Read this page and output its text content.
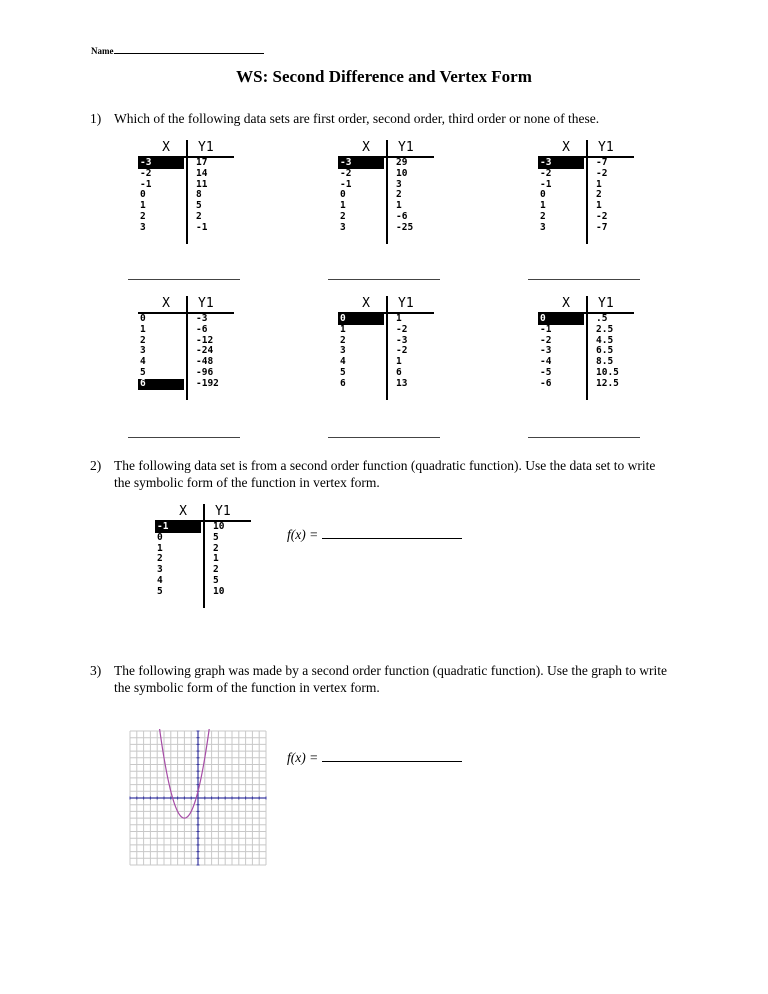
Name
WS: Second Difference and Vertex Form
1) Which of the following data sets are first order, second order, third order or none of these.
X	Y1
-3	17
-2	14
-1	11
0	8
1	5
2	2
3	-1
X	Y1
-3	29
-2	10
-1	3
0	2
1	1
2	-6
3	-25
X	Y1
-3	-7
-2	-2
-1	1
0	2
1	1
2	-2
3	-7
X	Y1
0	-3
1	-6
2	-12
3	-24
4	-48
5	-96
6	-192
X	Y1
0	1
1	-2
2	-3
3	-2
4	1
5	6
6	13
X	Y1
0	.5
-1	2.5
-2	4.5
-3	6.5
-4	8.5
-5	10.5
-6	12.5
2) The following data set is from a second order function (quadratic function). Use the data set to write the symbolic form of the function in vertex form.
X	Y1
-1	10
0	5
1	2
2	1
3	2
4	5
5	10
f(x) =
3) The following graph was made by a second order function (quadratic function). Use the graph to write the symbolic form of the function in vertex form.
f(x) =
